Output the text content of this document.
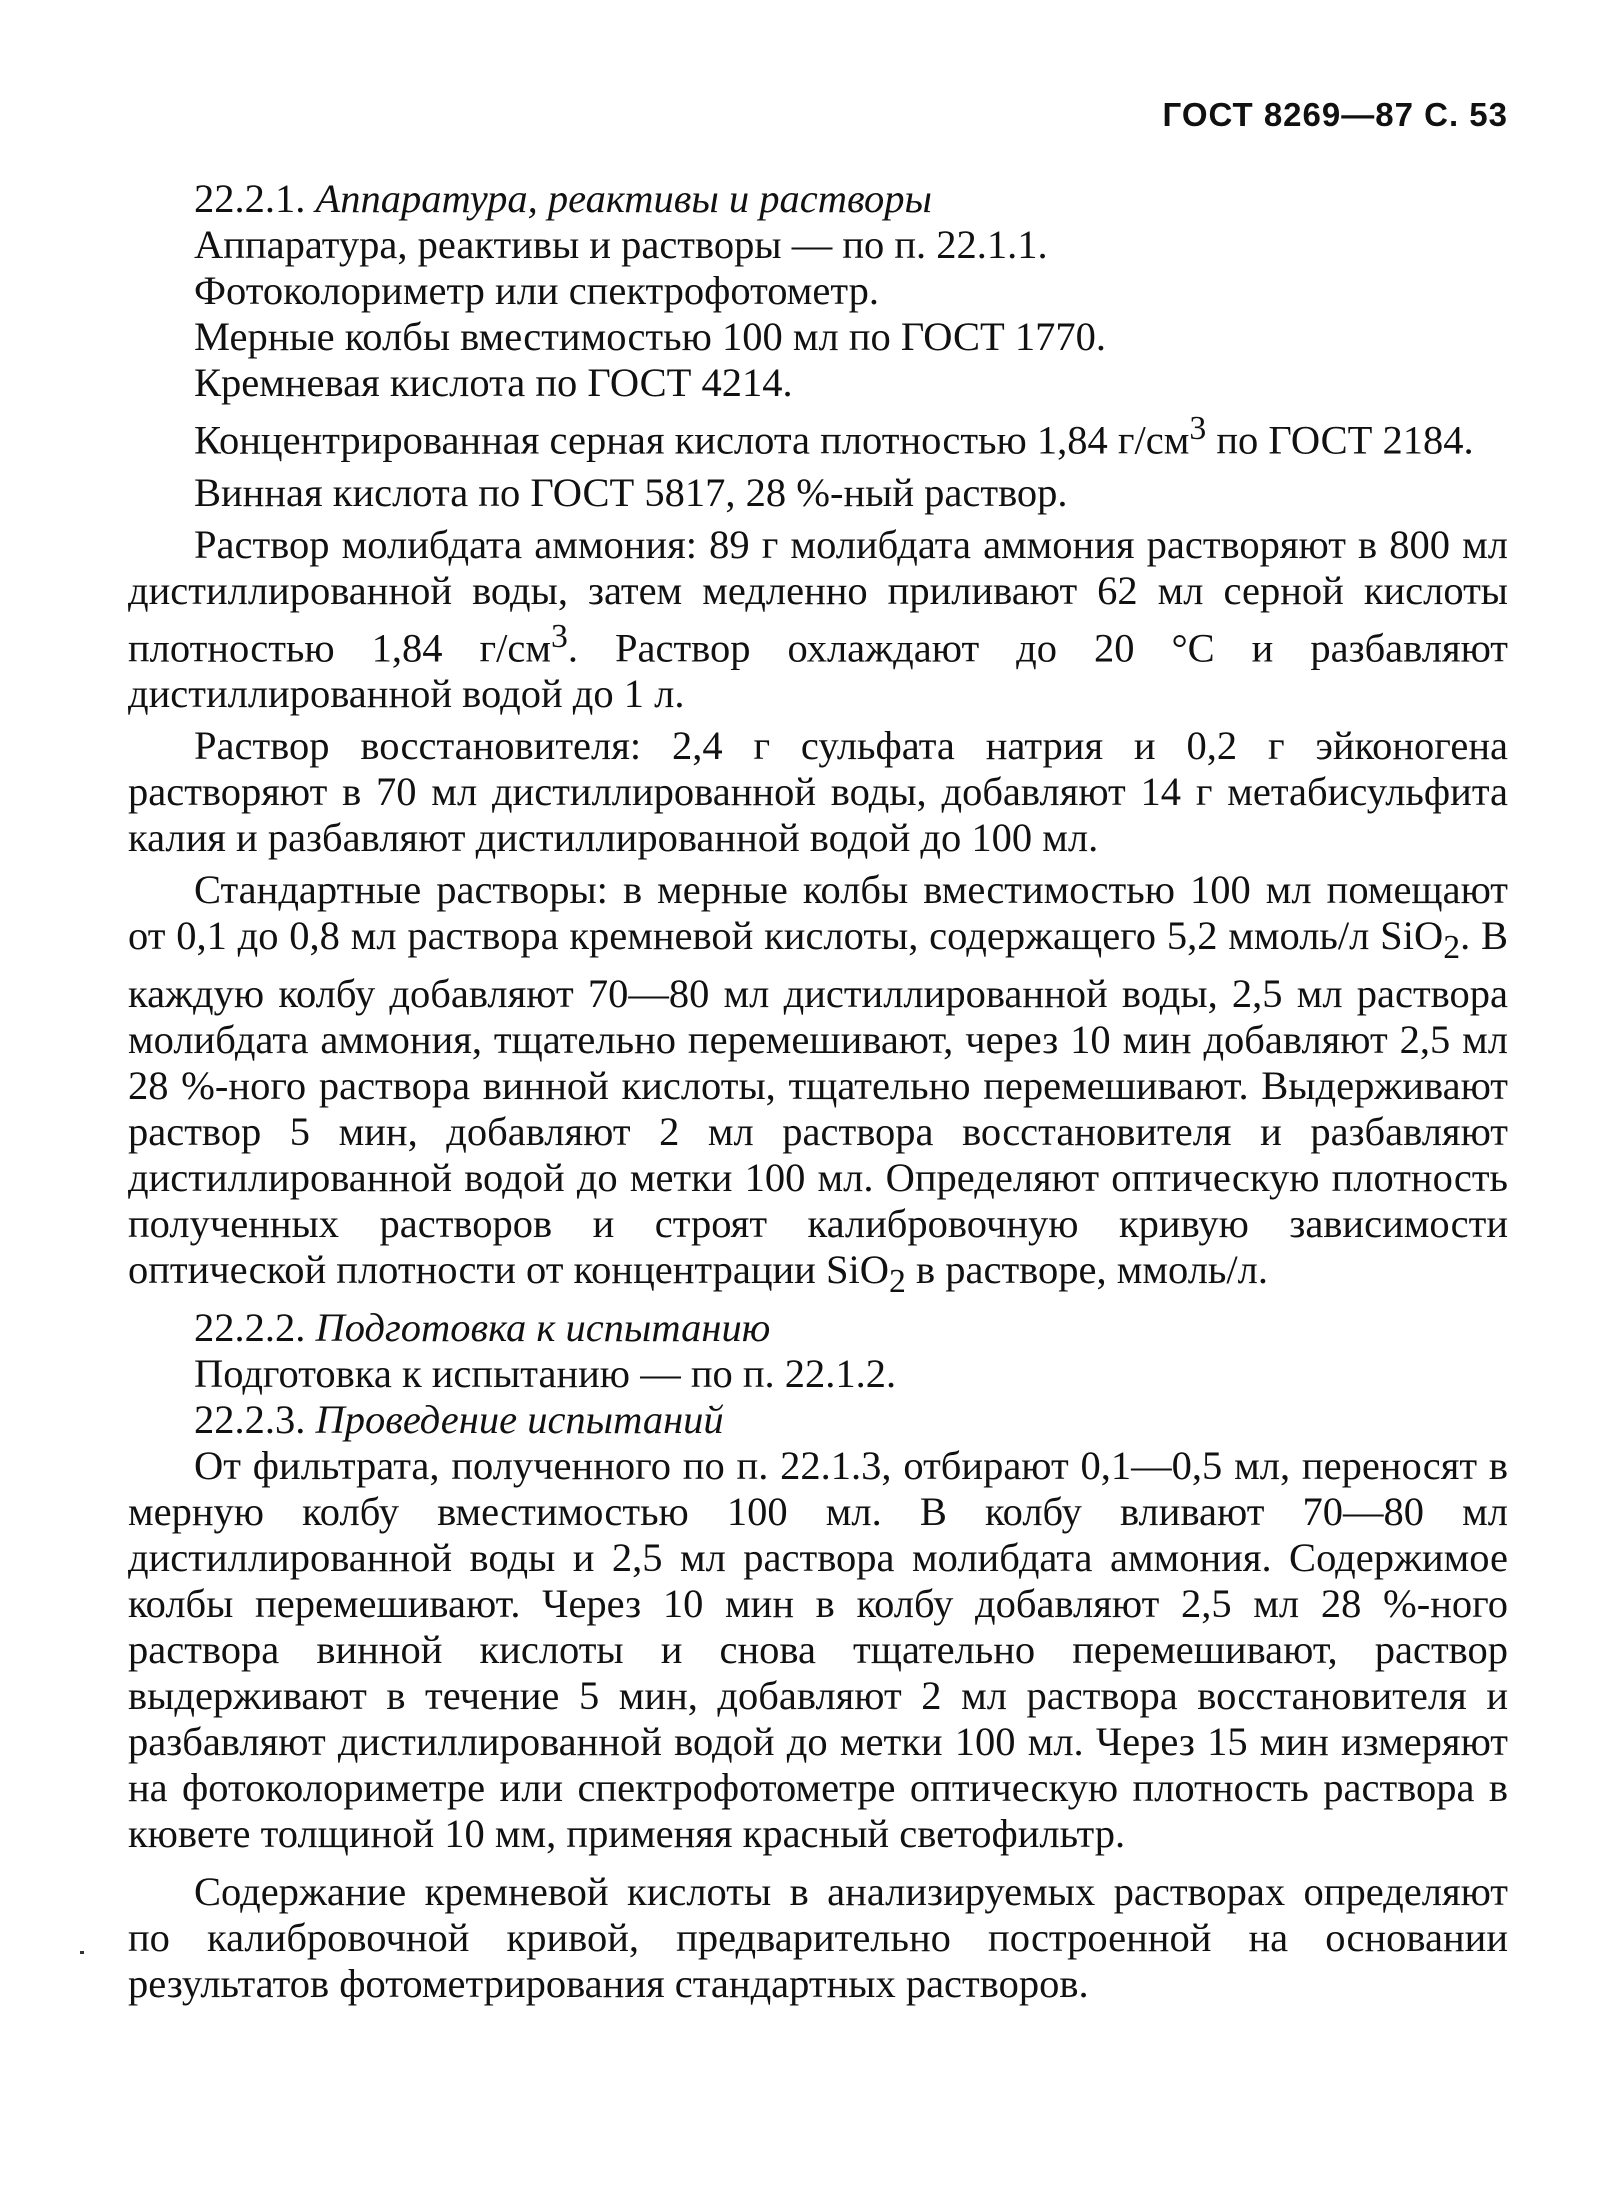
ГОСТ 8269—87 С. 53

22.2.1. Аппаратура, реактивы и растворы

Аппаратура, реактивы и растворы — по п. 22.1.1.

Фотоколориметр или спектрофотометр.

Мерные колбы вместимостью 100 мл по ГОСТ 1770.

Кремневая кислота по ГОСТ 4214.

Концентрированная серная кислота плотностью 1,84 $г/см^3$ по ГОСТ 2184.

Винная кислота по ГОСТ 5817, 28 %-ный раствор.

Раствор молибдата аммония: 89 г молибдата аммония растворяют в 800 мл дистиллированной воды, затем медленно приливают 62 мл серной кислоты плотностью 1,84 $г/см^3$. Раствор охлаждают до 20 °С и разбавляют дистиллированной водой до 1 л.

Раствор восстановителя: 2,4 г сульфата натрия и 0,2 г эйконогена растворяют в 70 мл дистиллированной воды, добавляют 14 г метабисульфита калия и разбавляют дистиллированной водой до 100 мл.

Стандартные растворы: в мерные колбы вместимостью 100 мл помещают от 0,1 до 0,8 мл раствора кремневой кислоты, содержащего 5,2 ммоль/л SiO$_2$. В каждую колбу добавляют 70—80 мл дистиллированной воды, 2,5 мл раствора молибдата аммония, тщательно перемешивают, через 10 мин добавляют 2,5 мл 28 %-ного раствора винной кислоты, тщательно перемешивают. Выдерживают раствор 5 мин, добавляют 2 мл раствора восстановителя и разбавляют дистиллированной водой до метки 100 мл. Определяют оптическую плотность полученных растворов и строят калибровочную кривую зависимости оптической плотности от концентрации SiO$_2$ в растворе, ммоль/л.

22.2.2. Подготовка к испытанию

Подготовка к испытанию — по п. 22.1.2.

22.2.3. Проведение испытаний

От фильтрата, полученного по п. 22.1.3, отбирают 0,1—0,5 мл, переносят в мерную колбу вместимостью 100 мл. В колбу вливают 70—80 мл дистиллированной воды и 2,5 мл раствора молибдата аммония. Содержимое колбы перемешивают. Через 10 мин в колбу добавляют 2,5 мл 28 %-ного раствора винной кислоты и снова тщательно перемешивают, раствор выдерживают в течение 5 мин, добавляют 2 мл раствора восстановителя и разбавляют дистиллированной водой до метки 100 мл. Через 15 мин измеряют на фотоколориметре или спектрофотометре оптическую плотность раствора в кювете толщиной 10 мм, применяя красный светофильтр.

Содержание кремневой кислоты в анализируемых растворах определяют по калибровочной кривой, предварительно построенной на основании результатов фотометрирования стандартных растворов.
